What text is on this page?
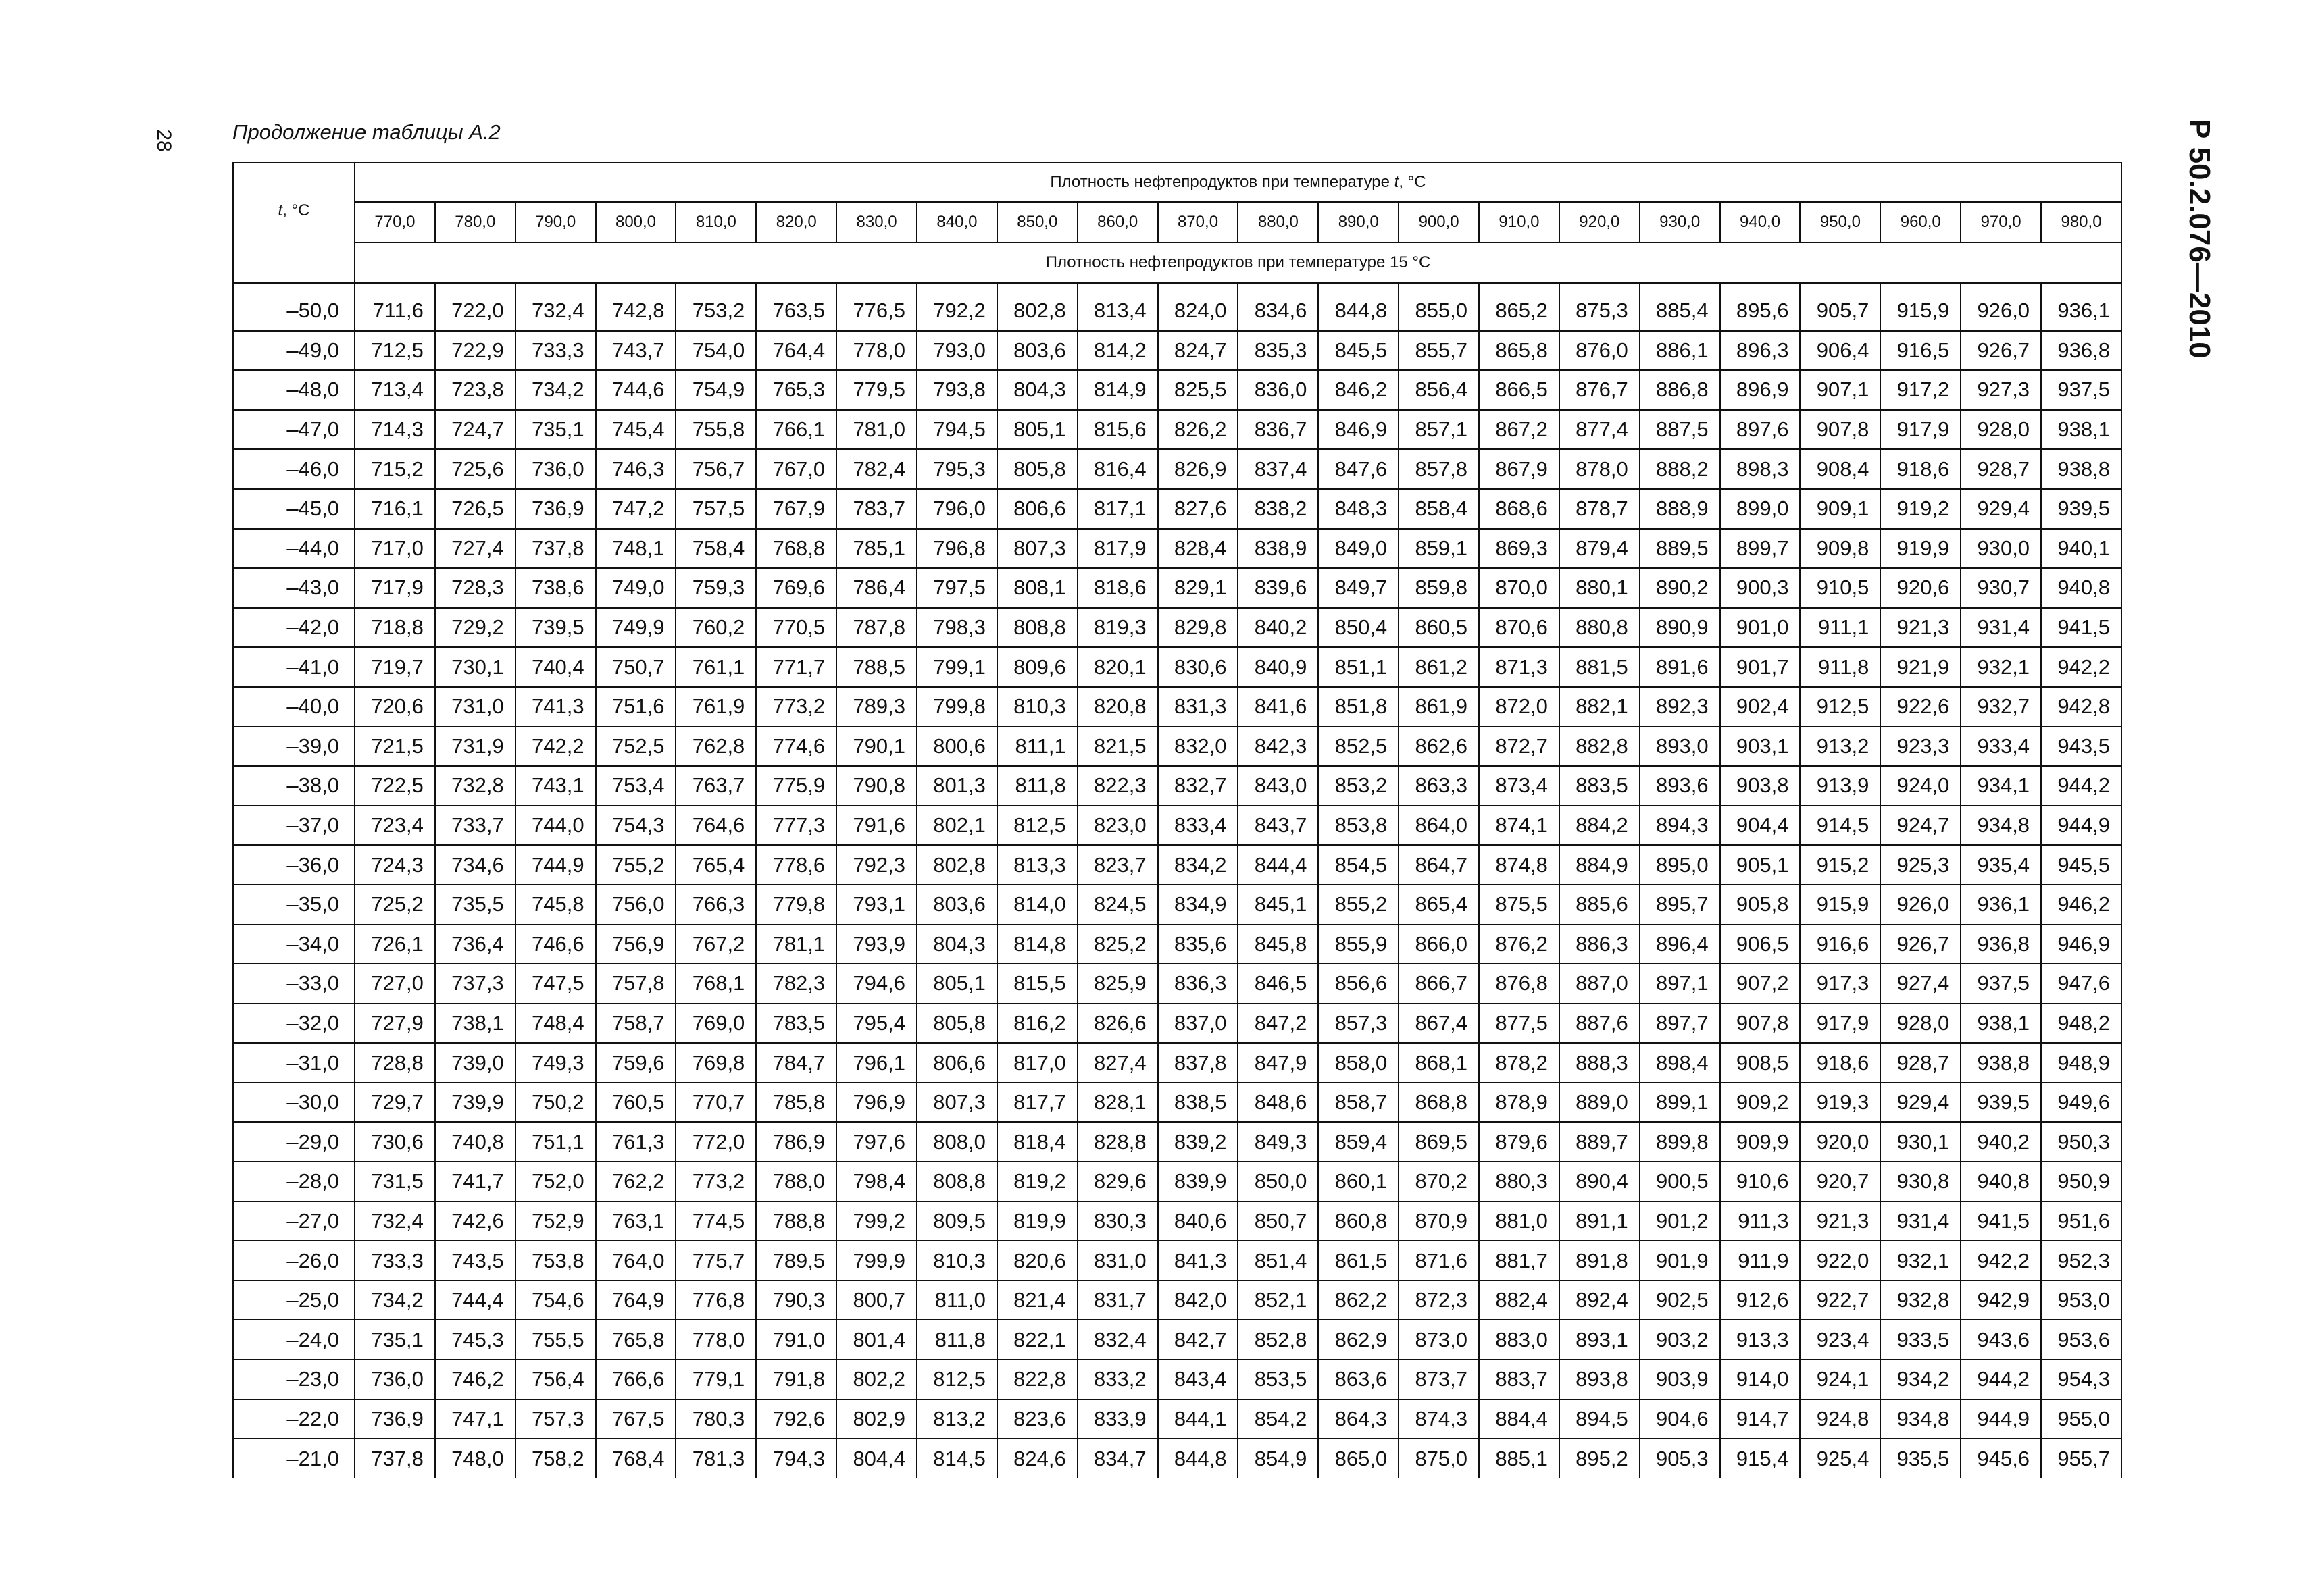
28	Продолжение таблицы А.2	Р 50.2.076—2010
t, °C	Плотность нефтепродуктов при температуре t, °C																					
	770,0	780,0	790,0	800,0	810,0	820,0	830,0	840,0	850,0	860,0	870,0	880,0	890,0	900,0	910,0	920,0	930,0	940,0	950,0	960,0	970,0	980,0
	Плотность нефтепродуктов при температуре 15 °C																					
–50,0	711,6	722,0	732,4	742,8	753,2	763,5	776,5	792,2	802,8	813,4	824,0	834,6	844,8	855,0	865,2	875,3	885,4	895,6	905,7	915,9	926,0	936,1
–49,0	712,5	722,9	733,3	743,7	754,0	764,4	778,0	793,0	803,6	814,2	824,7	835,3	845,5	855,7	865,8	876,0	886,1	896,3	906,4	916,5	926,7	936,8
–48,0	713,4	723,8	734,2	744,6	754,9	765,3	779,5	793,8	804,3	814,9	825,5	836,0	846,2	856,4	866,5	876,7	886,8	896,9	907,1	917,2	927,3	937,5
–47,0	714,3	724,7	735,1	745,4	755,8	766,1	781,0	794,5	805,1	815,6	826,2	836,7	846,9	857,1	867,2	877,4	887,5	897,6	907,8	917,9	928,0	938,1
–46,0	715,2	725,6	736,0	746,3	756,7	767,0	782,4	795,3	805,8	816,4	826,9	837,4	847,6	857,8	867,9	878,0	888,2	898,3	908,4	918,6	928,7	938,8
–45,0	716,1	726,5	736,9	747,2	757,5	767,9	783,7	796,0	806,6	817,1	827,6	838,2	848,3	858,4	868,6	878,7	888,9	899,0	909,1	919,2	929,4	939,5
–44,0	717,0	727,4	737,8	748,1	758,4	768,8	785,1	796,8	807,3	817,9	828,4	838,9	849,0	859,1	869,3	879,4	889,5	899,7	909,8	919,9	930,0	940,1
–43,0	717,9	728,3	738,6	749,0	759,3	769,6	786,4	797,5	808,1	818,6	829,1	839,6	849,7	859,8	870,0	880,1	890,2	900,3	910,5	920,6	930,7	940,8
–42,0	718,8	729,2	739,5	749,9	760,2	770,5	787,8	798,3	808,8	819,3	829,8	840,2	850,4	860,5	870,6	880,8	890,9	901,0	911,1	921,3	931,4	941,5
–41,0	719,7	730,1	740,4	750,7	761,1	771,7	788,5	799,1	809,6	820,1	830,6	840,9	851,1	861,2	871,3	881,5	891,6	901,7	911,8	921,9	932,1	942,2
–40,0	720,6	731,0	741,3	751,6	761,9	773,2	789,3	799,8	810,3	820,8	831,3	841,6	851,8	861,9	872,0	882,1	892,3	902,4	912,5	922,6	932,7	942,8
–39,0	721,5	731,9	742,2	752,5	762,8	774,6	790,1	800,6	811,1	821,5	832,0	842,3	852,5	862,6	872,7	882,8	893,0	903,1	913,2	923,3	933,4	943,5
–38,0	722,5	732,8	743,1	753,4	763,7	775,9	790,8	801,3	811,8	822,3	832,7	843,0	853,2	863,3	873,4	883,5	893,6	903,8	913,9	924,0	934,1	944,2
–37,0	723,4	733,7	744,0	754,3	764,6	777,3	791,6	802,1	812,5	823,0	833,4	843,7	853,8	864,0	874,1	884,2	894,3	904,4	914,5	924,7	934,8	944,9
–36,0	724,3	734,6	744,9	755,2	765,4	778,6	792,3	802,8	813,3	823,7	834,2	844,4	854,5	864,7	874,8	884,9	895,0	905,1	915,2	925,3	935,4	945,5
–35,0	725,2	735,5	745,8	756,0	766,3	779,8	793,1	803,6	814,0	824,5	834,9	845,1	855,2	865,4	875,5	885,6	895,7	905,8	915,9	926,0	936,1	946,2
–34,0	726,1	736,4	746,6	756,9	767,2	781,1	793,9	804,3	814,8	825,2	835,6	845,8	855,9	866,0	876,2	886,3	896,4	906,5	916,6	926,7	936,8	946,9
–33,0	727,0	737,3	747,5	757,8	768,1	782,3	794,6	805,1	815,5	825,9	836,3	846,5	856,6	866,7	876,8	887,0	897,1	907,2	917,3	927,4	937,5	947,6
–32,0	727,9	738,1	748,4	758,7	769,0	783,5	795,4	805,8	816,2	826,6	837,0	847,2	857,3	867,4	877,5	887,6	897,7	907,8	917,9	928,0	938,1	948,2
–31,0	728,8	739,0	749,3	759,6	769,8	784,7	796,1	806,6	817,0	827,4	837,8	847,9	858,0	868,1	878,2	888,3	898,4	908,5	918,6	928,7	938,8	948,9
–30,0	729,7	739,9	750,2	760,5	770,7	785,8	796,9	807,3	817,7	828,1	838,5	848,6	858,7	868,8	878,9	889,0	899,1	909,2	919,3	929,4	939,5	949,6
–29,0	730,6	740,8	751,1	761,3	772,0	786,9	797,6	808,0	818,4	828,8	839,2	849,3	859,4	869,5	879,6	889,7	899,8	909,9	920,0	930,1	940,2	950,3
–28,0	731,5	741,7	752,0	762,2	773,2	788,0	798,4	808,8	819,2	829,6	839,9	850,0	860,1	870,2	880,3	890,4	900,5	910,6	920,7	930,8	940,8	950,9
–27,0	732,4	742,6	752,9	763,1	774,5	788,8	799,2	809,5	819,9	830,3	840,6	850,7	860,8	870,9	881,0	891,1	901,2	911,3	921,3	931,4	941,5	951,6
–26,0	733,3	743,5	753,8	764,0	775,7	789,5	799,9	810,3	820,6	831,0	841,3	851,4	861,5	871,6	881,7	891,8	901,9	911,9	922,0	932,1	942,2	952,3
–25,0	734,2	744,4	754,6	764,9	776,8	790,3	800,7	811,0	821,4	831,7	842,0	852,1	862,2	872,3	882,4	892,4	902,5	912,6	922,7	932,8	942,9	953,0
–24,0	735,1	745,3	755,5	765,8	778,0	791,0	801,4	811,8	822,1	832,4	842,7	852,8	862,9	873,0	883,0	893,1	903,2	913,3	923,4	933,5	943,6	953,6
–23,0	736,0	746,2	756,4	766,6	779,1	791,8	802,2	812,5	822,8	833,2	843,4	853,5	863,6	873,7	883,7	893,8	903,9	914,0	924,1	934,2	944,2	954,3
–22,0	736,9	747,1	757,3	767,5	780,3	792,6	802,9	813,2	823,6	833,9	844,1	854,2	864,3	874,3	884,4	894,5	904,6	914,7	924,8	934,8	944,9	955,0
–21,0	737,8	748,0	758,2	768,4	781,3	794,3	804,4	814,5	824,6	834,7	844,8	854,9	865,0	875,0	885,1	895,2	905,3	915,4	925,4	935,5	945,6	955,7
